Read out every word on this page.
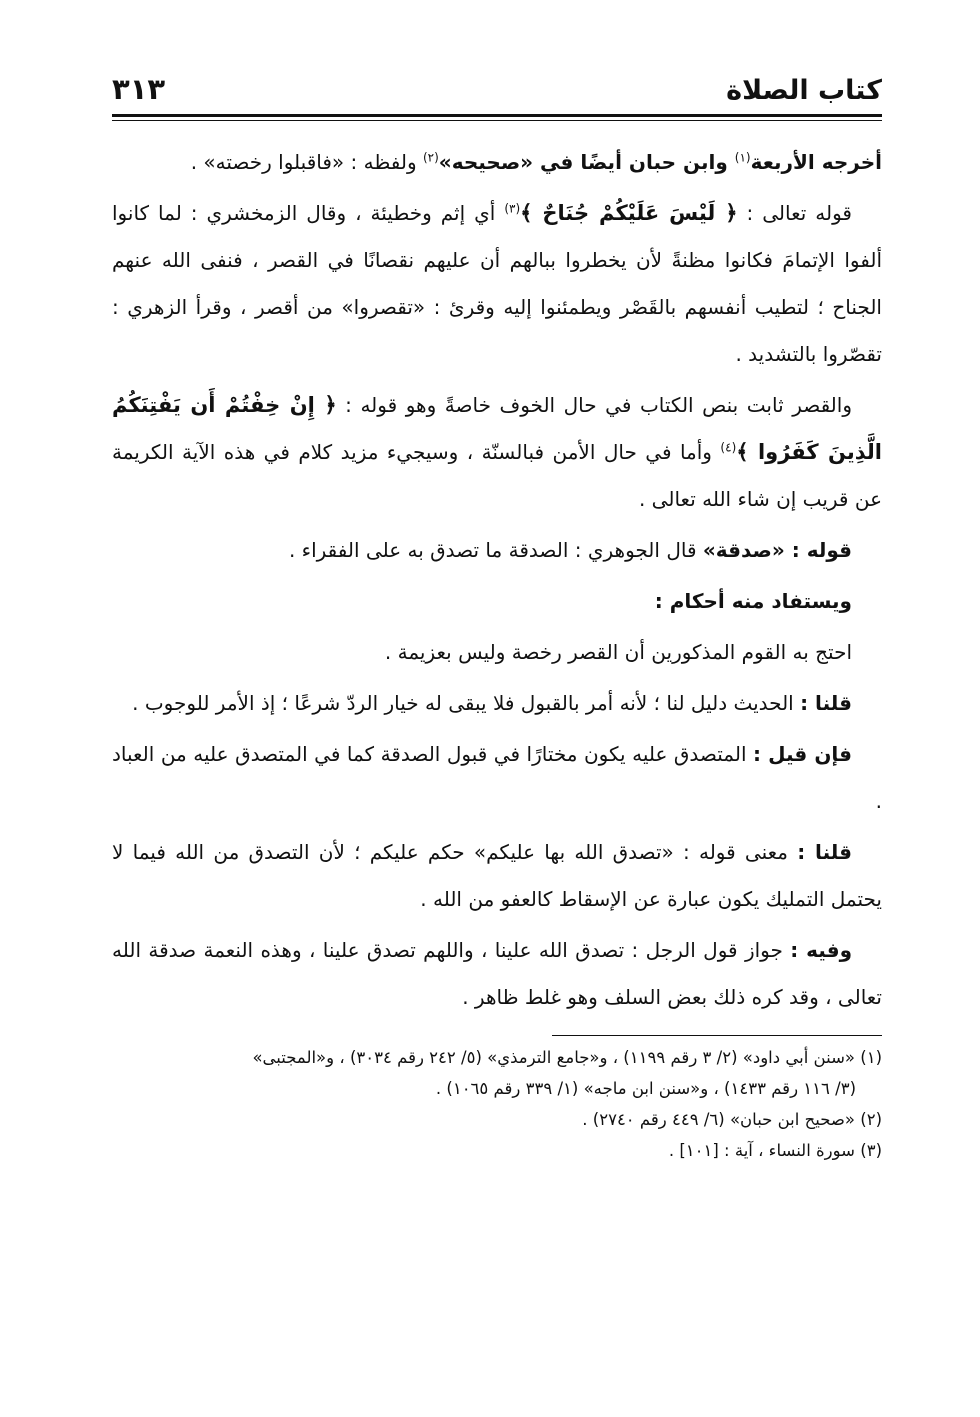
كتاب الصلاة
٣١٣

أخرجه الأربعة$^{(١)}$ وابن حبان أيضًا في «صحيحه»$^{(٢)}$ ولفظه : «فاقبلوا رخصته» .

قوله تعالى : ﴿ لَيْسَ عَلَيْكُمْ جُنَاحٌ ﴾$^{(٣)}$ أي إثم وخطيئة ، وقال الزمخشري : لما كانوا ألفوا الإتمامَ فكانوا مظنةً لأن يخطروا ببالهم أن عليهم نقصانًا في القصر ، فنفى الله عنهم الجناح ؛ لتطيب أنفسهم بالقَصْر ويطمئنوا إليه وقرئ : «تقصروا» من أقصر ، وقرأ الزهري : تقصّروا بالتشديد .

والقصر ثابت بنص الكتاب في حال الخوف خاصةً وهو قوله : ﴿ إِنْ خِفْتُمْ أَن يَفْتِنَكُمُ الَّذِينَ كَفَرُوا ﴾$^{(٤)}$ وأما في حال الأمن فبالسنّة ، وسيجيء مزيد كلام في هذه الآية الكريمة عن قريب إن شاء الله تعالى .

قوله : «صدقة» قال الجوهري : الصدقة ما تصدق به على الفقراء .

ويستفاد منه أحكام :

احتج به القوم المذكورين أن القصر رخصة وليس بعزيمة .

قلنا : الحديث دليل لنا ؛ لأنه أمر بالقبول فلا يبقى له خيار الردّ شرعًا ؛ إذ الأمر للوجوب .

فإن قيل : المتصدق عليه يكون مختارًا في قبول الصدقة كما في المتصدق عليه من العباد .

قلنا : معنى قوله : «تصدق الله بها عليكم» حكم عليكم ؛ لأن التصدق من الله فيما لا يحتمل التمليك يكون عبارة عن الإسقاط كالعفو من الله .

وفيه : جواز قول الرجل : تصدق الله علينا ، واللهم تصدق علينا ، وهذه النعمة صدقة الله تعالى ، وقد كره ذلك بعض السلف وهو غلط ظاهر .

(١) «سنن أبي داود» (٢/ ٣ رقم ١١٩٩) ، و«جامع الترمذي» (٥/ ٢٤٢ رقم ٣٠٣٤) ، و«المجتبى»

(٣/ ١١٦ رقم ١٤٣٣) ، و«سنن ابن ماجه» (١/ ٣٣٩ رقم ١٠٦٥) .

(٢) «صحيح ابن حبان» (٦/ ٤٤٩ رقم ٢٧٤٠) .

(٣) سورة النساء ، آية : [١٠١] .
